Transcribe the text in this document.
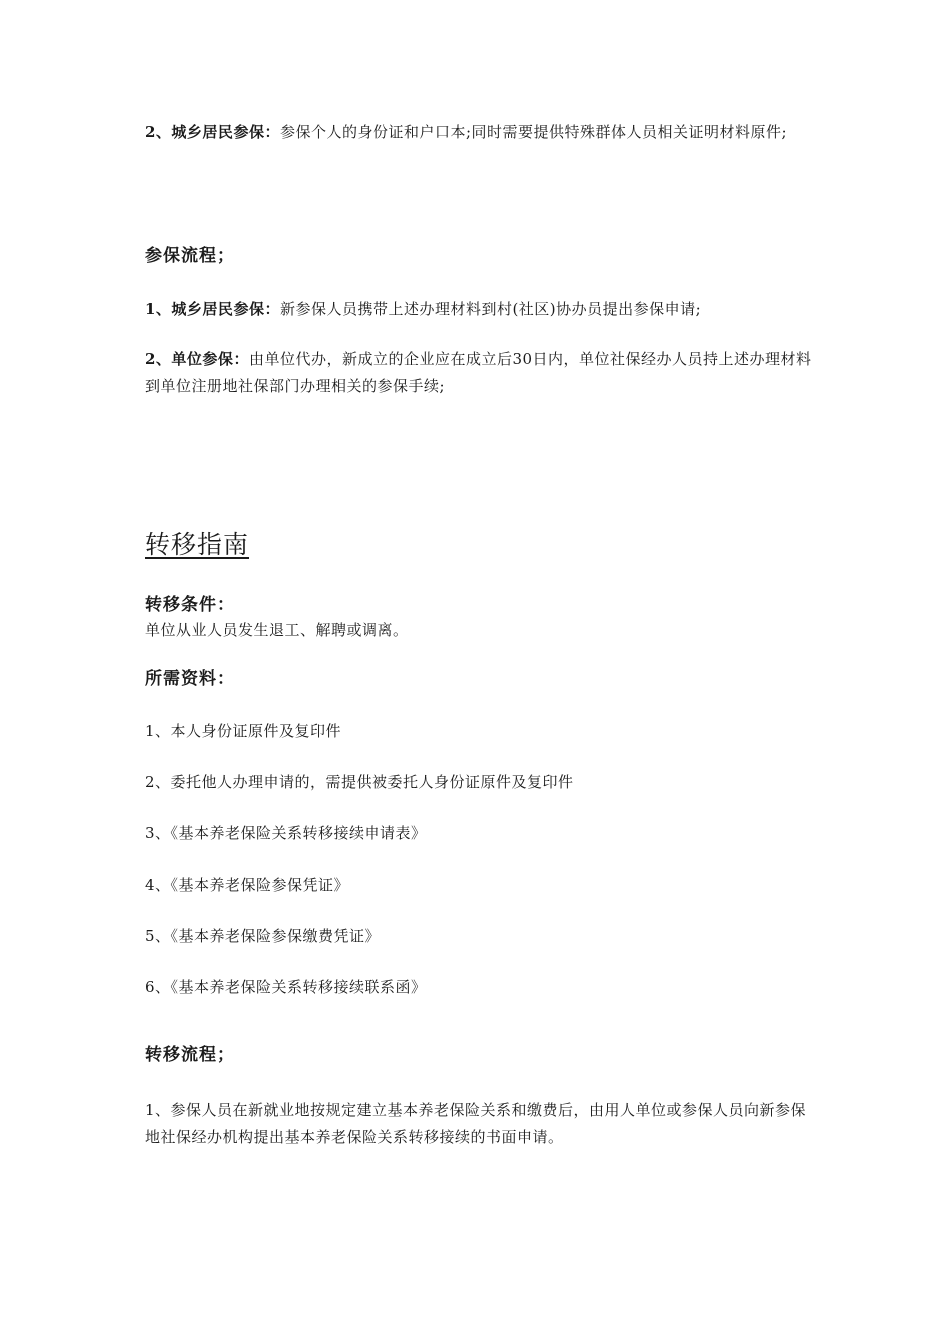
2、城乡居民参保：参保个人的身份证和户口本;同时需要提供特殊群体人员相关证明材料原件;
参保流程；
1、城乡居民参保：新参保人员携带上述办理材料到村(社区)协办员提出参保申请;
2、单位参保：由单位代办，新成立的企业应在成立后30日内，单位社保经办人员持上述办理材料到单位注册地社保部门办理相关的参保手续;
转移指南
转移条件：
单位从业人员发生退工、解聘或调离。
所需资料：
1、本人身份证原件及复印件
2、委托他人办理申请的，需提供被委托人身份证原件及复印件
3、《基本养老保险关系转移接续申请表》
4、《基本养老保险参保凭证》
5、《基本养老保险参保缴费凭证》
6、《基本养老保险关系转移接续联系函》
转移流程；
1、参保人员在新就业地按规定建立基本养老保险关系和缴费后，由用人单位或参保人员向新参保地社保经办机构提出基本养老保险关系转移接续的书面申请。
